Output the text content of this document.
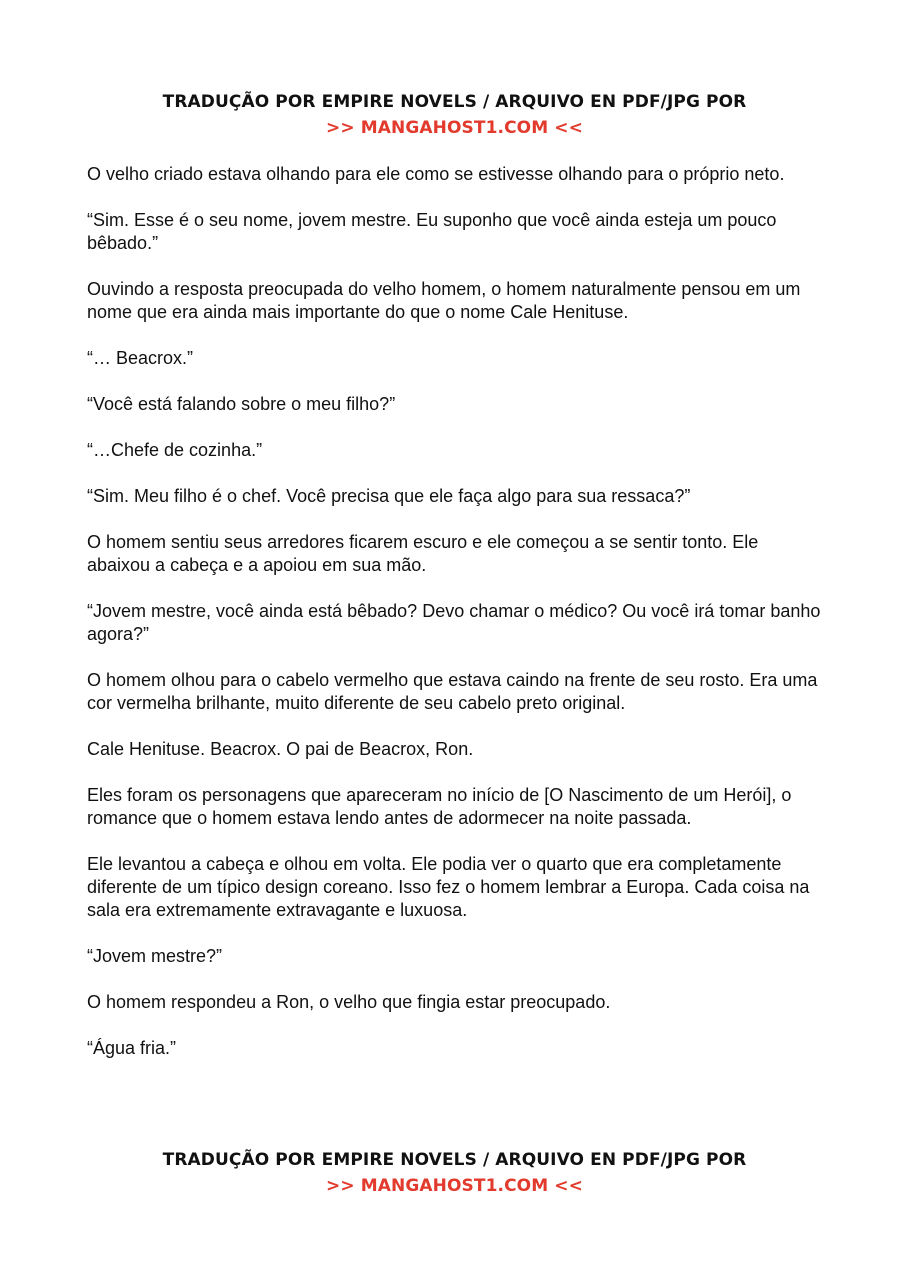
TRADUÇÃO POR EMPIRE NOVELS / ARQUIVO EN PDF/JPG POR
>> MANGAHOST1.COM <<

O velho criado estava olhando para ele como se estivesse olhando para o próprio neto.

“Sim. Esse é o seu nome, jovem mestre. Eu suponho que você ainda esteja um pouco bêbado.”

Ouvindo a resposta preocupada do velho homem, o homem naturalmente pensou em um nome que era ainda mais importante do que o nome Cale Henituse.

“… Beacrox.”

“Você está falando sobre o meu filho?”

“…Chefe de cozinha.”

“Sim. Meu filho é o chef. Você precisa que ele faça algo para sua ressaca?”

O homem sentiu seus arredores ficarem escuro e ele começou a se sentir tonto. Ele abaixou a cabeça e a apoiou em sua mão.

“Jovem mestre, você ainda está bêbado? Devo chamar o médico? Ou você irá tomar banho agora?”

O homem olhou para o cabelo vermelho que estava caindo na frente de seu rosto. Era uma cor vermelha brilhante, muito diferente de seu cabelo preto original.

Cale Henituse. Beacrox. O pai de Beacrox, Ron.

Eles foram os personagens que apareceram no início de [O Nascimento de um Herói], o romance que o homem estava lendo antes de adormecer na noite passada.

Ele levantou a cabeça e olhou em volta. Ele podia ver o quarto que era completamente diferente de um típico design coreano. Isso fez o homem lembrar a Europa. Cada coisa na sala era extremamente extravagante e luxuosa.

“Jovem mestre?”

O homem respondeu a Ron, o velho que fingia estar preocupado.

“Água fria.”

TRADUÇÃO POR EMPIRE NOVELS / ARQUIVO EN PDF/JPG POR
>> MANGAHOST1.COM <<
